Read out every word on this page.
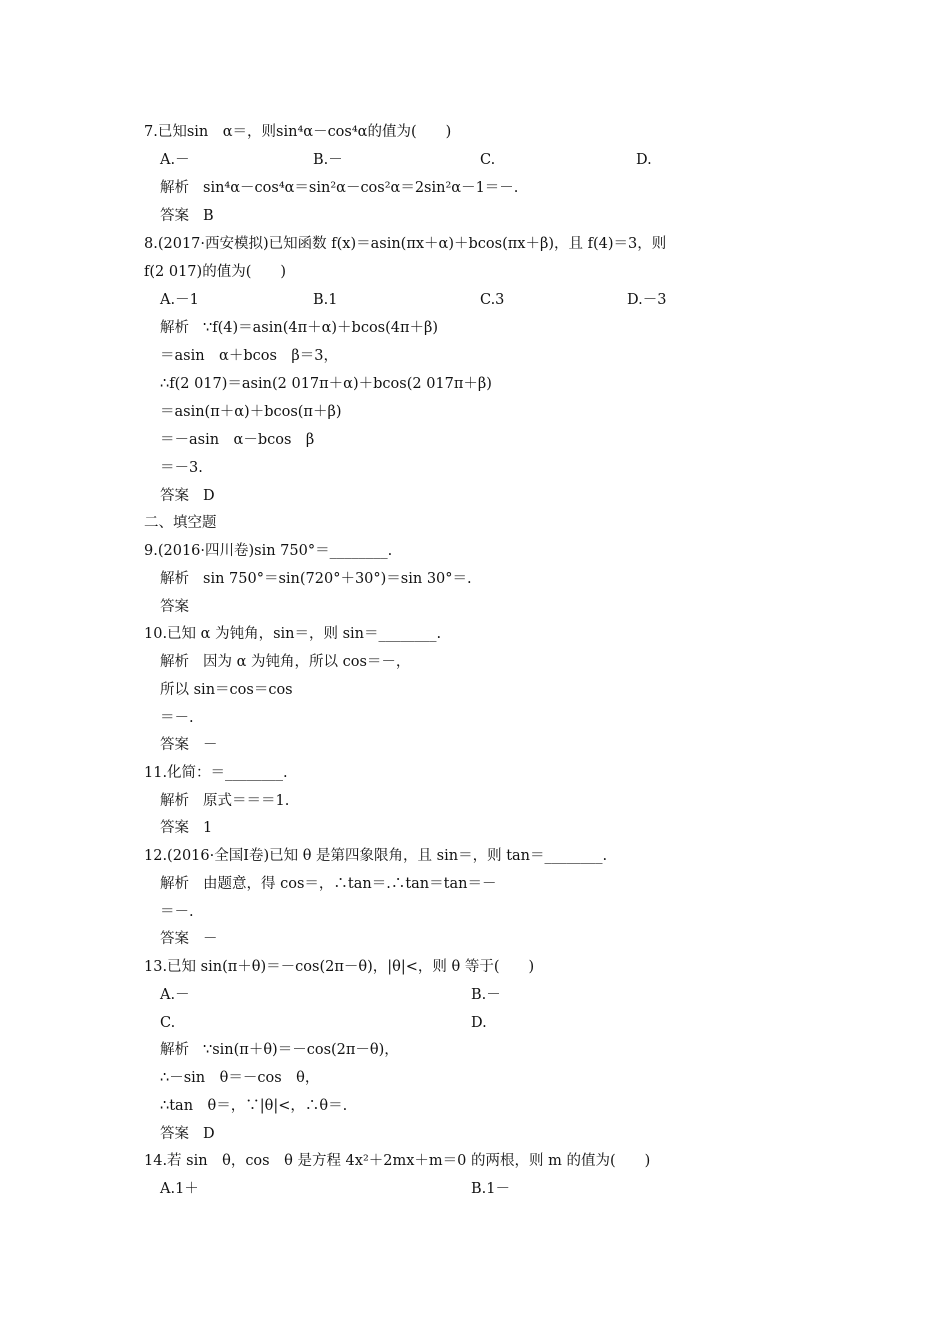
7.已知sin　α＝，则sin⁴α－cos⁴α的值为(　　)
A.－	B.－	C.	D.
解析 sin⁴α－cos⁴α＝sin²α－cos²α＝2sin²α－1＝－.
答案 B
8.(2017·西安模拟)已知函数 f(x)＝asin(πx＋α)＋bcos(πx＋β)，且 f(4)＝3，则
f(2 017)的值为(　　)
A.－1	B.1	C.3	D.－3
解析 ∵f(4)＝asin(4π＋α)＋bcos(4π＋β)
＝asin　α＋bcos　β＝3，
∴f(2 017)＝asin(2 017π＋α)＋bcos(2 017π＋β)
＝asin(π＋α)＋bcos(π＋β)
＝－asin　α－bcos　β
＝－3.
答案 D
二、填空题
9.(2016·四川卷)sin 750°＝________.
解析 sin 750°＝sin(720°＋30°)＝sin 30°＝.
答案
10.已知 α 为钝角，sin＝，则 sin＝________.
解析 因为 α 为钝角，所以 cos＝－，
所以 sin＝cos＝cos
＝－.
答案 －
11.化简：＝________.
解析 原式＝＝＝1.
答案 1
12.(2016·全国Ⅰ卷)已知 θ 是第四象限角，且 sin＝，则 tan＝________.
解析 由题意，得 cos＝，∴tan＝.∴tan＝tan＝－
＝－.
答案 －
13.已知 sin(π＋θ)＝－cos(2π－θ)，|θ|<，则 θ 等于(　　)
A.－	B.－
C.	D.
解析 ∵sin(π＋θ)＝－cos(2π－θ)，
∴－sin　θ＝－cos　θ，
∴tan　θ＝，∵|θ|<，∴θ＝.
答案 D
14.若 sin　θ，cos　θ 是方程 4x²＋2mx＋m＝0 的两根，则 m 的值为(　　)
A.1＋	B.1－
